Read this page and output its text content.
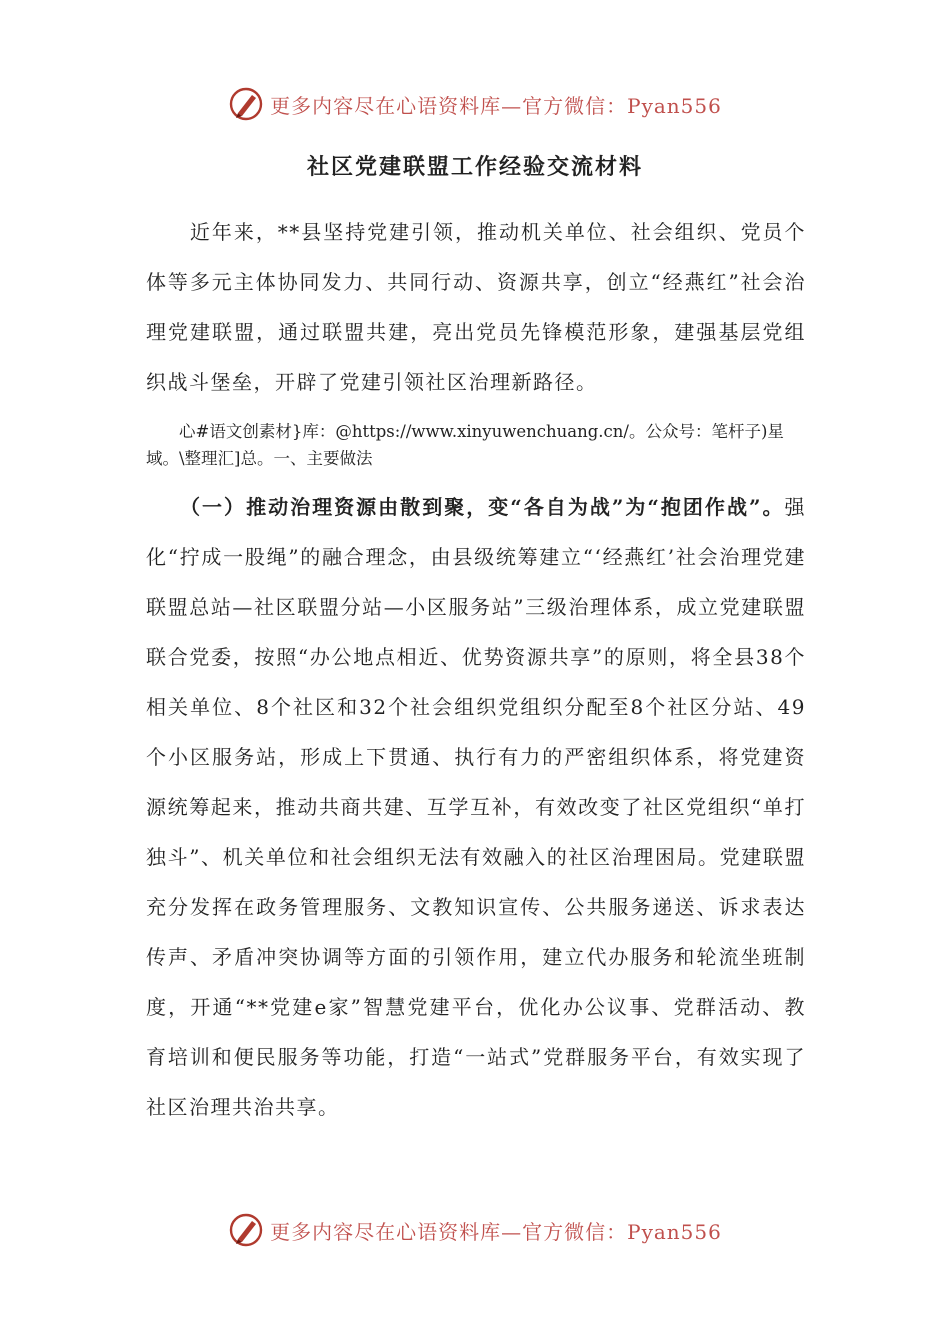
更多内容尽在心语资料库—官方微信：Pyan556
社区党建联盟工作经验交流材料

　　近年来，**县坚持党建引领，推动机关单位、社会组织、党员个体等多元主体协同发力、共同行动、资源共享，创立“经燕红”社会治理党建联盟，通过联盟共建，亮出党员先锋模范形象，建强基层党组织战斗堡垒，开辟了党建引领社区治理新路径。

　　心#语文创素材}库：@https://www.xinyuwenchuang.cn/。公众号：笔杆子)星域。\整理汇]总。一、主要做法

　　（一）推动治理资源由散到聚，变“各自为战”为“抱团作战”。强化“拧成一股绳”的融合理念，由县级统筹建立“‘经燕红’社会治理党建联盟总站—社区联盟分站—小区服务站”三级治理体系，成立党建联盟联合党委，按照“办公地点相近、优势资源共享”的原则，将全县38个相关单位、8个社区和32个社会组织党组织分配至8个社区分站、49个小区服务站，形成上下贯通、执行有力的严密组织体系，将党建资源统筹起来，推动共商共建、互学互补，有效改变了社区党组织“单打独斗”、机关单位和社会组织无法有效融入的社区治理困局。党建联盟充分发挥在政务管理服务、文教知识宣传、公共服务递送、诉求表达传声、矛盾冲突协调等方面的引领作用，建立代办服务和轮流坐班制度，开通“**党建e家”智慧党建平台，优化办公议事、党群活动、教育培训和便民服务等功能，打造“一站式”党群服务平台，有效实现了社区治理共治共享。

更多内容尽在心语资料库—官方微信：Pyan556
